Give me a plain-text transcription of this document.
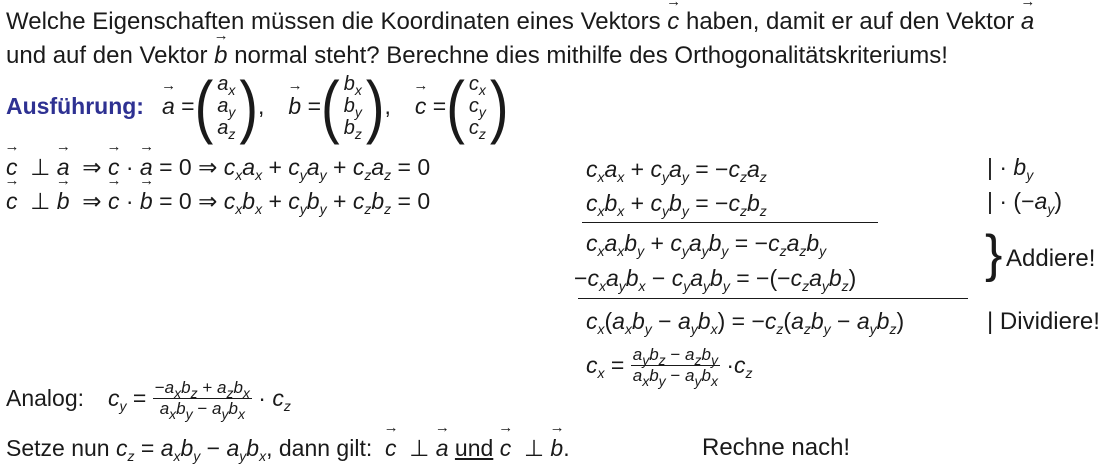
Welche Eigenschaften müssen die Koordinaten eines Vektors → c haben, damit er auf den Vektor → a
und auf den Vektor → b normal steht? Berechne dies mithilfe des Orthogonalitätskriteriums!
Ausführung: → a = ( $a_x$
$a_y$
$a_z$ ) , → b = ( $b_x$
$b_y$
$b_z$ ) , → c = ( $c_x$
$c_y$
$c_z$ )
→ c  ⊥ → a  ⇒ → c · → a = 0 ⇒ $c_xa_x + c_ya_y + c_za_z = 0$
→ c  ⊥ → b  ⇒ → c · → b = 0 ⇒ $c_xb_x + c_yb_y + c_zb_z = 0$
$c_xa_x + c_ya_y = -c_za_z$
$c_xb_x + c_yb_y = -c_zb_z$
$c_xa_xb_y + c_ya_yb_y = -c_za_zb_y$
$-c_xa_yb_x - c_ya_yb_y = -(-c_za_yb_z)$
$c_x(a_xb_y - a_yb_x) = -c_z(a_zb_y - a_yb_z)$
$c_x = \frac{a_yb_z - a_zb_y}{a_xb_y - a_yb_x} \cdot c_z$
| · $b_y$
| · $(-a_y)$
} Addiere!
| Dividiere!
Analog: $c_y = \frac{-a_xb_z + a_zb_x}{a_xb_y - a_yb_x} \cdot c_z$
Setze nun $c_z = a_xb_y - a_yb_x$, dann gilt:  → c  ⊥ → a und → c  ⊥ → b.	Rechne nach!
